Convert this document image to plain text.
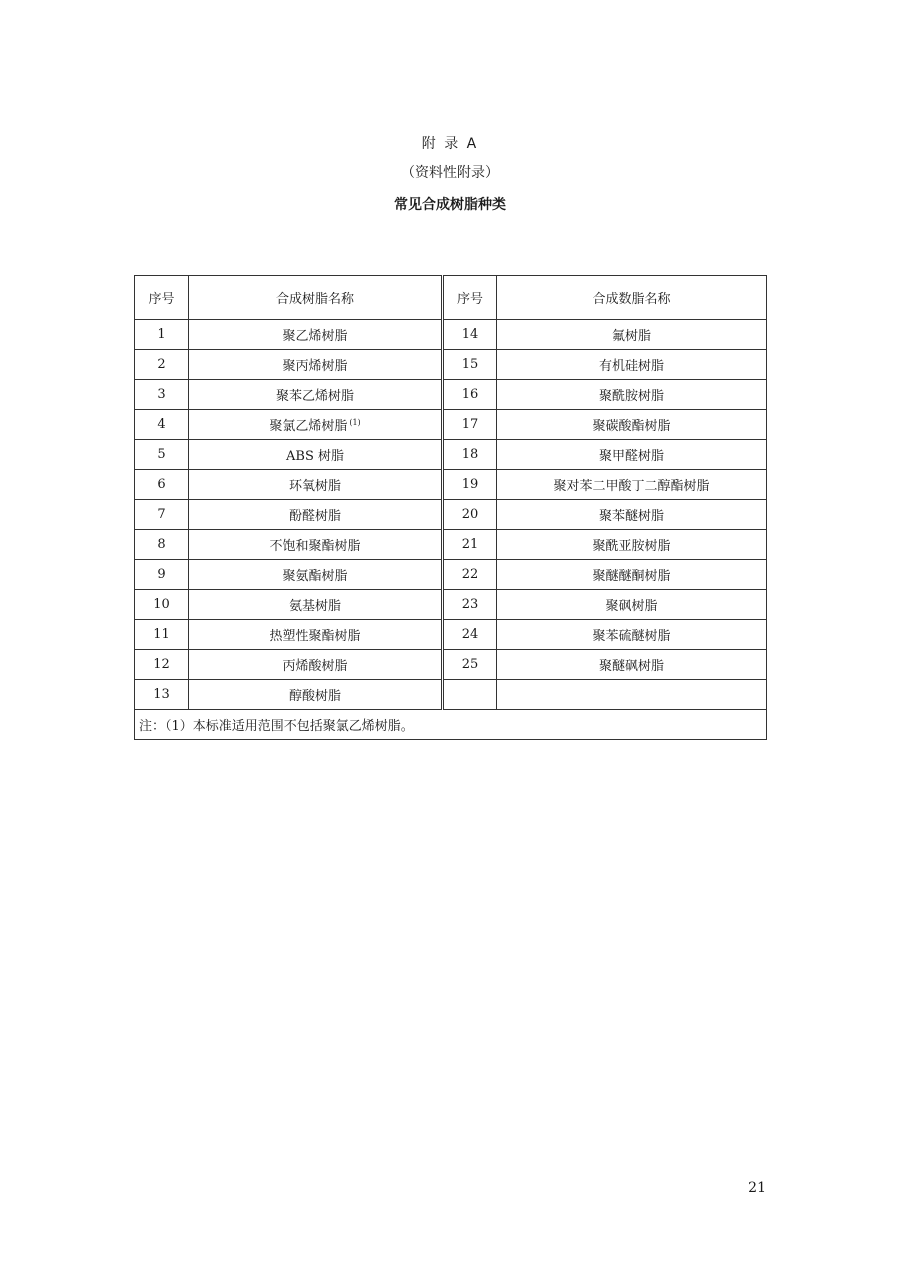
附 录 A
（资料性附录）
常见合成树脂种类
序号	合成树脂名称	序号	合成数脂名称
1	聚乙烯树脂	14	氟树脂
2	聚丙烯树脂	15	有机硅树脂
3	聚苯乙烯树脂	16	聚酰胺树脂
4	聚氯乙烯树脂 $^{(1)}$	17	聚碳酸酯树脂
5	ABS 树脂	18	聚甲醛树脂
6	环氧树脂	19	聚对苯二甲酸丁二醇酯树脂
7	酚醛树脂	20	聚苯醚树脂
8	不饱和聚酯树脂	21	聚酰亚胺树脂
9	聚氨酯树脂	22	聚醚醚酮树脂
10	氨基树脂	23	聚砜树脂
11	热塑性聚酯树脂	24	聚苯硫醚树脂
12	丙烯酸树脂	25	聚醚砜树脂
13	醇酸树脂		
注：（1）本标准适用范围不包括聚氯乙烯树脂。			
21
